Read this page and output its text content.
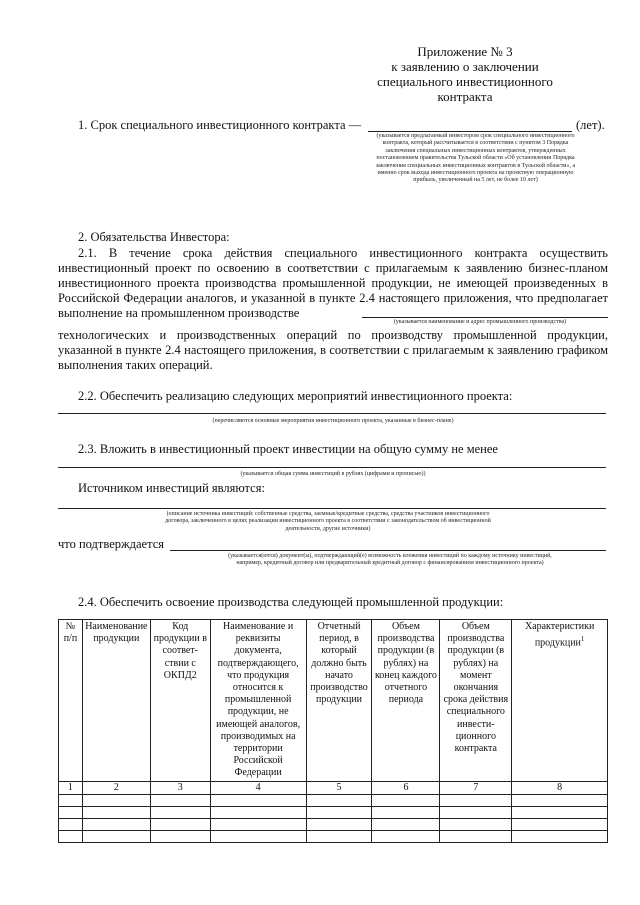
Приложение № 3
к заявлению о заключении
специального инвестиционного
контракта
1. Срок специального инвестиционного контракта —	(лет).
(указывается предлагаемый инвестором срок специального инвестиционного контракта, который рассчитывается в соответствии с пунктом 3 Порядка заключения специальных инвестиционных контрактов, утвержденных постановлением правительства Тульской области «Об установлении Порядка заключения специальных инвестиционных контрактов в Тульской области», а именно срок выхода инвестиционного проекта на проектную операционную прибыль, увеличенный на 5 лет, не более 10 лет)
2. Обязательства Инвестора:
2.1. В течение срока действия специального инвестиционного контракта осуществить инвестиционный проект по освоению в соответствии с прилагаемым к заявлению бизнес-планом инвестиционного проекта производства промышленной продукции, не имеющей произведенных в Российской Федерации аналогов, и указанной в пункте 2.4 настоящего приложения, что предполагает выполнение на промышленном производстве
(указывается наименование и адрес промышленного производства)
технологических и производственных операций по производству промышленной продукции, указанной в пункте 2.4 настоящего приложения, в соответствии с прилагаемым к заявлению графиком выполнения таких операций.
2.2. Обеспечить реализацию следующих мероприятий инвестиционного проекта:
(перечисляются основные мероприятия инвестиционного проекта, указанные в бизнес-плане)
2.3. Вложить в инвестиционный проект инвестиции на общую сумму не менее
(указывается общая сумма инвестиций в рублях (цифрами и прописью))
Источником инвестиций являются:
(описание источника инвестиций: собственные средства, заемные/кредитные средства, средства участников инвестиционного договора, заключенного в целях реализации инвестиционного проекта в соответствии с законодательством об инвестиционной деятельности, другие источники)
что подтверждается
(указывается(ются) документ(ы), подтверждающий(е) возможность вложения инвестиций по каждому источнику инвестиций, например, кредитный договор или предварительный кредитный договор с финансированием инвестиционного проекта)
2.4. Обеспечить освоение производства следующей промышленной продукции:
№ п/п	Наименование продукции	Код продукции в соответ-ствии с ОКПД2	Наименование и реквизиты документа, подтверждающего, что продукция относится к промышленной продукции, не имеющей аналогов, производимых на территории Российской Федерации	Отчетный период, в который должно быть начато производство продукции	Объем производства продукции (в рублях) на конец каждого отчетного периода	Объем производства продукции (в рублях) на момент окончания срока действия специального инвести-ционного контракта	Характеристики продукции$^1$
1	2	3	4	5	6	7	8
